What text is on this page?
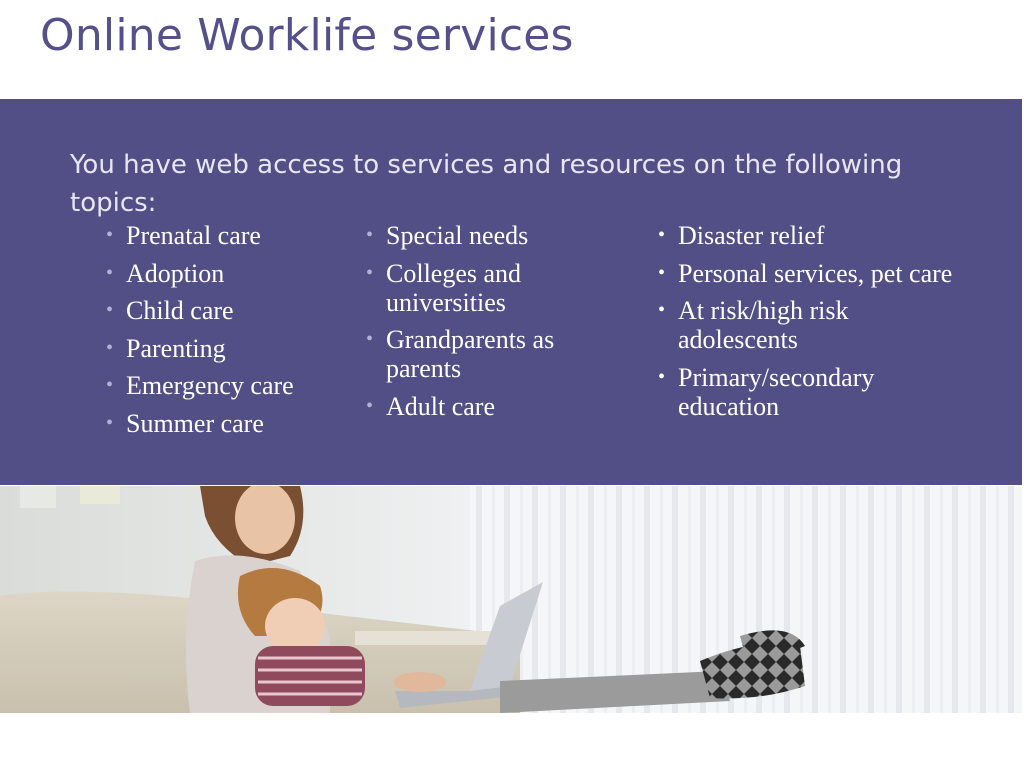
Online Worklife services
You have web access to services and resources on the following topics:
• Prenatal care
• Adoption
• Child care
• Parenting
• Emergency care
• Summer care
• Special needs
• Colleges and universities
• Grandparents as parents
• Adult care
• Disaster relief
• Personal services, pet care
• At risk/high risk adolescents
• Primary/secondary education
